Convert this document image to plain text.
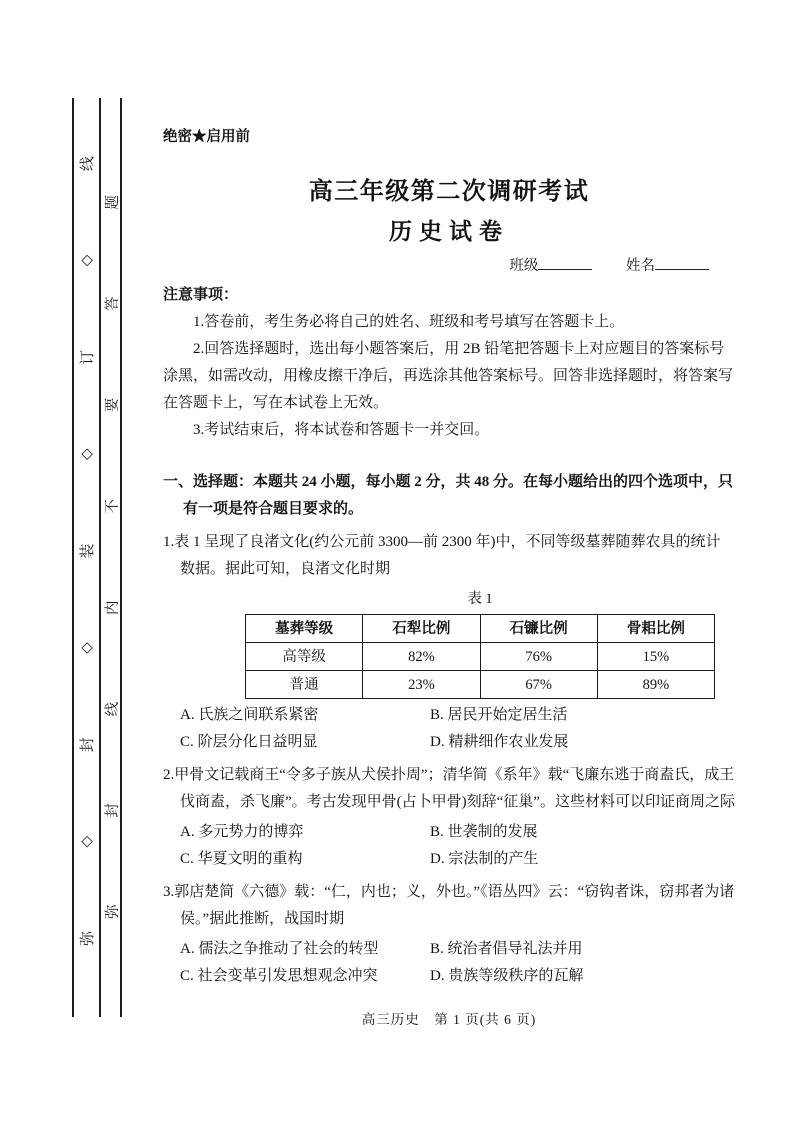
弥
◇
封
◇
装
◇
订
◇
线
弥
封
线
内
不
要
答
题
绝密★启用前
高三年级第二次调研考试
历史试卷
班级	姓名
注意事项：

1.答卷前，考生务必将自己的姓名、班级和考号填写在答题卡上。

2.回答选择题时，选出每小题答案后，用 2B 铅笔把答题卡上对应题目的答案标号涂黑，如需改动，用橡皮擦干净后，再选涂其他答案标号。回答非选择题时，将答案写在答题卡上，写在本试卷上无效。

3.考试结束后，将本试卷和答题卡一并交回。

一、选择题：本题共 24 小题，每小题 2 分，共 48 分。在每小题给出的四个选项中，只有一项是符合题目要求的。

1.表 1 呈现了良渚文化(约公元前 3300—前 2300 年)中，不同等级墓葬随葬农具的统计数据。据此可知，良渚文化时期

表 1
墓葬等级	石犁比例	石镰比例	骨耜比例
高等级	82%	76%	15%
普通	23%	67%	89%
A. 氏族之间联系紧密	B. 居民开始定居生活
C. 阶层分化日益明显	D. 精耕细作农业发展

2.甲骨文记载商王“令多子族从犬侯扑周”；清华简《系年》载“飞廉东逃于商盍氏，成王伐商盍，杀飞廉”。考古发现甲骨(占卜甲骨)刻辞“征巢”。这些材料可以印证商周之际

A. 多元势力的博弈	B. 世袭制的发展
C. 华夏文明的重构	D. 宗法制的产生

3.郭店楚简《六德》载：“仁，内也；义，外也。”《语丛四》云：“窃钩者诛，窃邦者为诸侯。”据此推断，战国时期

A. 儒法之争推动了社会的转型	B. 统治者倡导礼法并用
C. 社会变革引发思想观念冲突	D. 贵族等级秩序的瓦解
高三历史　第 1 页(共 6 页)
